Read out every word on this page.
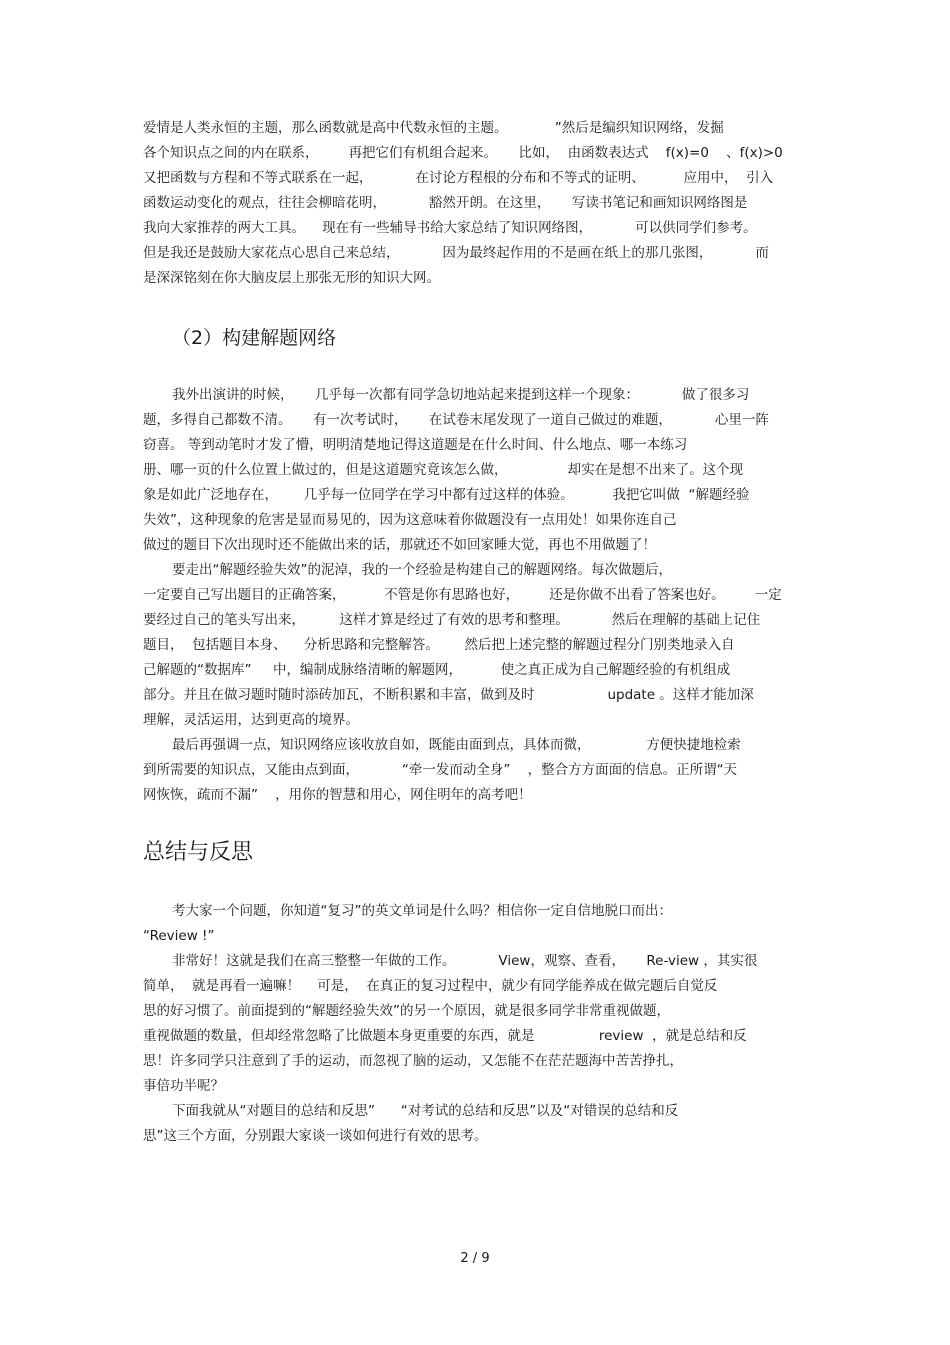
爱情是人类永恒的主题，那么函数就是高中代数永恒的主题。           ”然后是编织知识网络，发掘

各个知识点之间的内在联系，       再把它们有机组合起来。     比如，  由函数表达式    f(x)=0    、f(x)>0

又把函数与方程和不等式联系在一起，          在讨论方程根的分布和不等式的证明、         应用中，  引入

函数运动变化的观点，往往会柳暗花明，          豁然开朗。在这里，     写读书笔记和画知识网络图是

我向大家推荐的两大工具。    现在有一些辅导书给大家总结了知识网络图，          可以供同学们参考。

但是我还是鼓励大家花点心思自己来总结，          因为最终起作用的不是画在纸上的那几张图，          而

是深深铭刻在你大脑皮层上那张无形的知识大网。

（2）构建解题网络

我外出演讲的时候，     几乎每一次都有同学急切地站起来提到这样一个现象：          做了很多习

题，多得自己都数不清。     有一次考试时，     在试卷末尾发现了一道自己做过的难题，          心里一阵

窃喜。 等到动笔时才发了懵，明明清楚地记得这道题是在什么时间、什么地点、哪一本练习

册、哪一页的什么位置上做过的，但是这道题究竟该怎么做，              却实在是想不出来了。这个现

象是如此广泛地存在，      几乎每一位同学在学习中都有过这样的体验。         我把它叫做  “解题经验

失效”，这种现象的危害是显而易见的，因为这意味着你做题没有一点用处！如果你连自己

做过的题目下次出现时还不能做出来的话，那就还不如回家睡大觉，再也不用做题了！

要走出“解题经验失效”的泥淖，我的一个经验是构建自己的解题网络。每次做题后，

一定要自己写出题目的正确答案，         不管是你有思路也好，       还是你做不出看了答案也好。       一定

要经过自己的笔头写出来，        这样才算是经过了有效的思考和整理。          然后在理解的基础上记住

题目，  包括题目本身、    分析思路和完整解答。      然后把上述完整的解题过程分门别类地录入自

己解题的“数据库”     中，编制成脉络清晰的解题网，         使之真正成为自己解题经验的有机组成

部分。并且在做习题时随时添砖加瓦，不断积累和丰富，做到及时                 update 。这样才能加深

理解，灵活运用，达到更高的境界。

最后再强调一点，知识网络应该收放自如，既能由面到点，具体而微，             方便快捷地检索

到所需要的知识点，又能由点到面，          “牵一发而动全身”    ，整合方方面面的信息。正所谓“天

网恢恢，疏而不漏”    ，用你的智慧和用心，网住明年的高考吧！

总结与反思

考大家一个问题，你知道“复习”的英文单词是什么吗？相信你一定自信地脱口而出：

“Review !”

非常好！这就是我们在高三整整一年做的工作。          View，观察、查看，     Re-view ，其实很

简单，  就是再看一遍嘛！    可是，  在真正的复习过程中，就少有同学能养成在做完题后自觉反

思的好习惯了。前面提到的“解题经验失效”的另一个原因，就是很多同学非常重视做题，

重视做题的数量，但却经常忽略了比做题本身更重要的东西，就是               review  ，就是总结和反

思！许多同学只注意到了手的运动，而忽视了脑的运动，又怎能不在茫茫题海中苦苦挣扎，

事倍功半呢？

下面我就从“对题目的总结和反思”      “对考试的总结和反思”以及“对错误的总结和反

思”这三个方面，分别跟大家谈一谈如何进行有效的思考。

2 / 9
